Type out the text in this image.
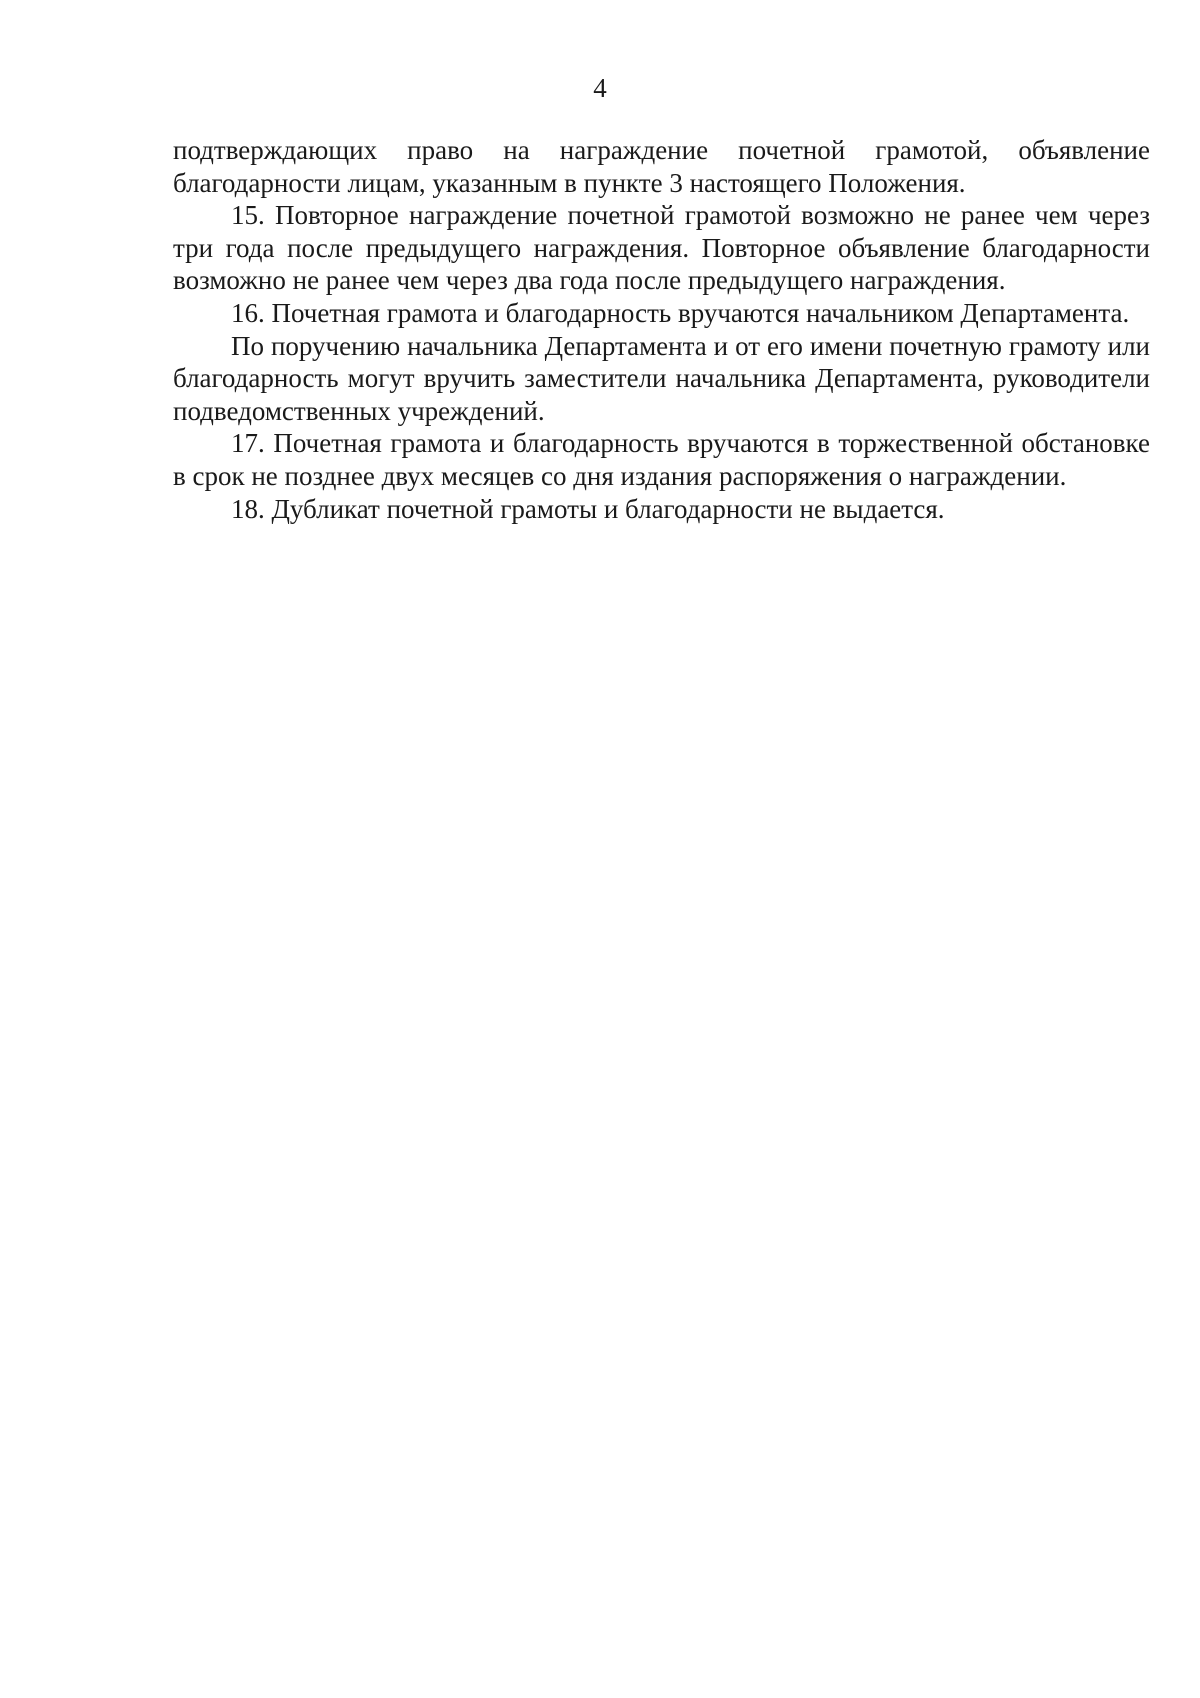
4

подтверждающих право на награждение почетной грамотой, объявление благодарности лицам, указанным в пункте 3 настоящего Положения.

15. Повторное награждение почетной грамотой возможно не ранее чем через три года после предыдущего награждения. Повторное объявление благодарности возможно не ранее чем через два года после предыдущего награждения.

16. Почетная грамота и благодарность вручаются начальником Департамента.

По поручению начальника Департамента и от его имени почетную грамоту или благодарность могут вручить заместители начальника Департамента, руководители подведомственных учреждений.

17. Почетная грамота и благодарность вручаются в торжественной обстановке в срок не позднее двух месяцев со дня издания распоряжения о награждении.

18. Дубликат почетной грамоты и благодарности не выдается.
